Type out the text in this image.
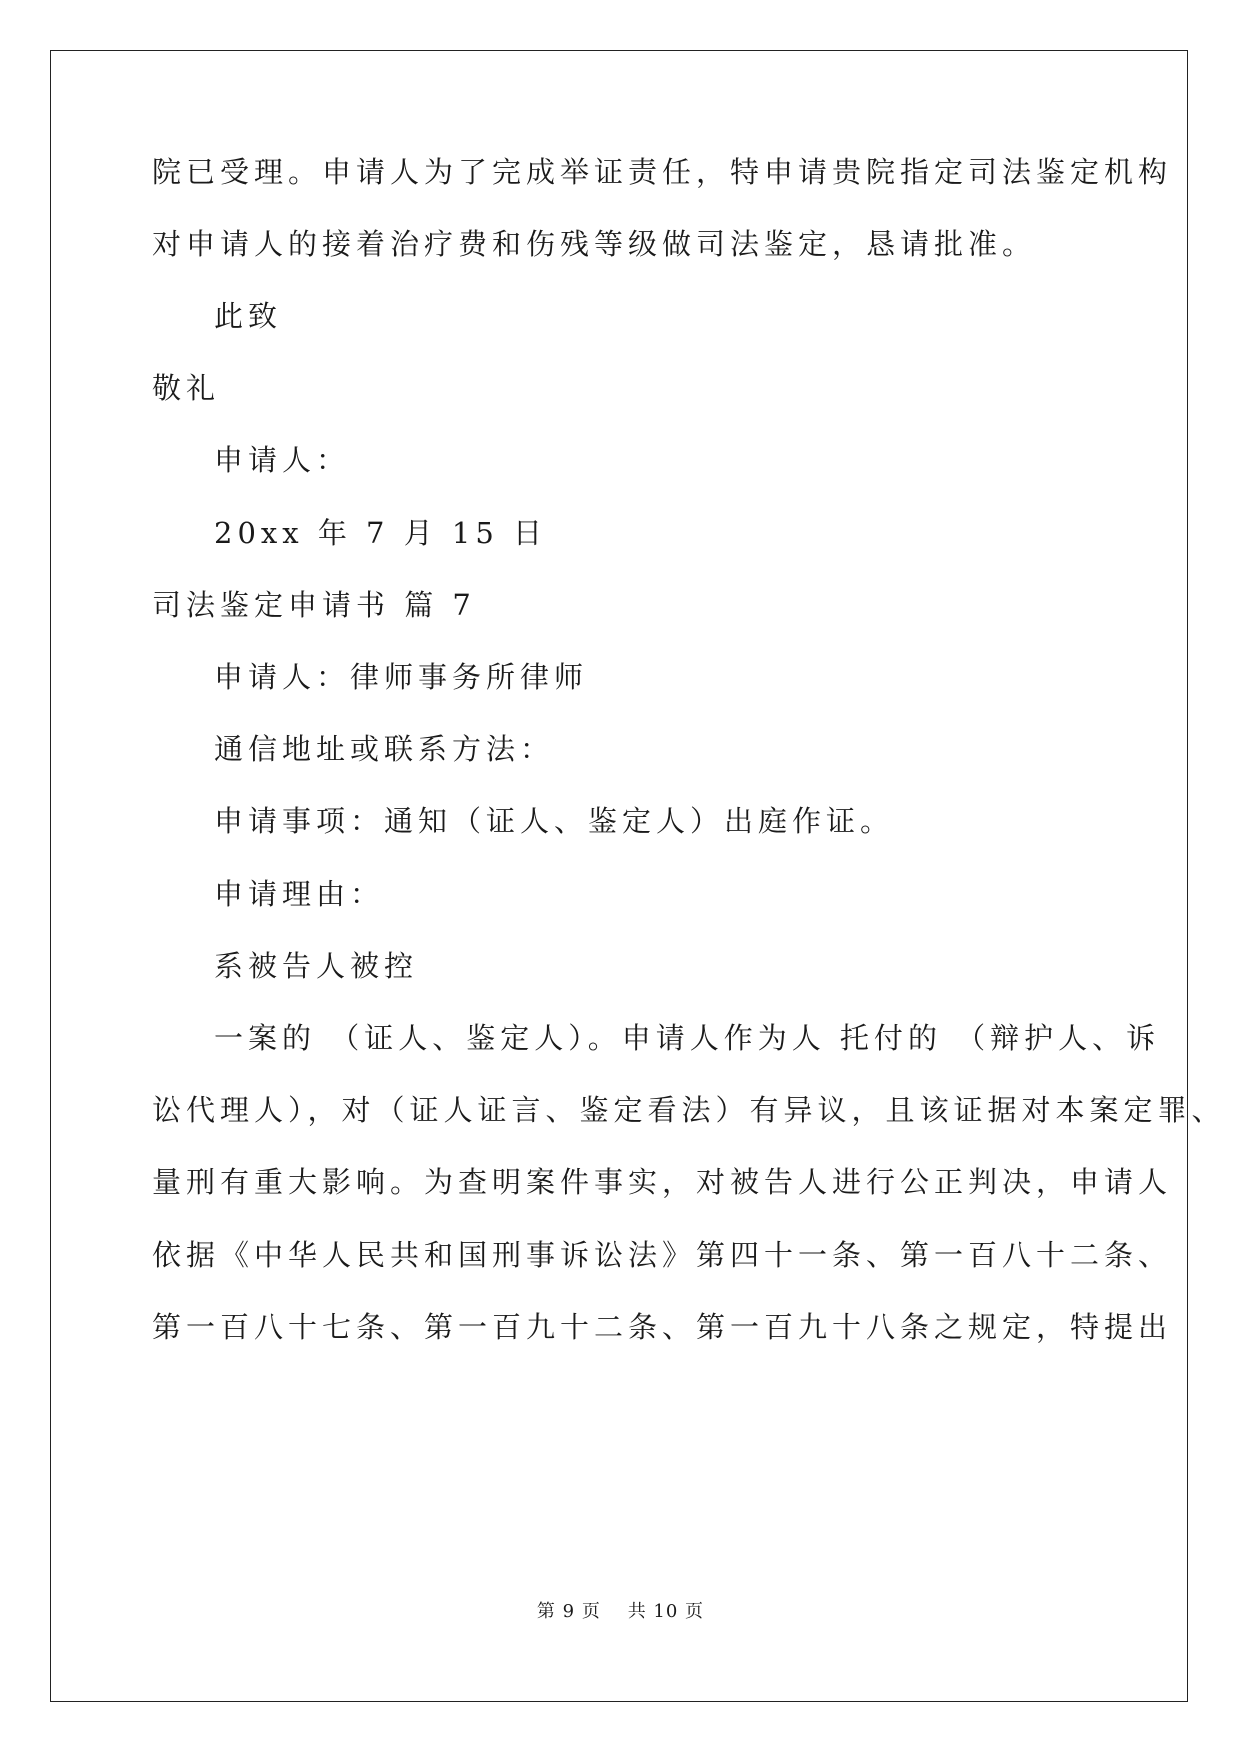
院已受理。申请人为了完成举证责任，特申请贵院指定司法鉴定机构
对申请人的接着治疗费和伤残等级做司法鉴定，恳请批准。
此致
敬礼
申请人：
20xx 年 7 月 15 日
司法鉴定申请书 篇 7
申请人：律师事务所律师
通信地址或联系方法：
申请事项：通知（证人、鉴定人）出庭作证。
申请理由：
系被告人被控
一案的 （证人、鉴定人）。申请人作为人 托付的 （辩护人、诉
讼代理人），对（证人证言、鉴定看法）有异议，且该证据对本案定罪、
量刑有重大影响。为查明案件事实，对被告人进行公正判决，申请人
依据《中华人民共和国刑事诉讼法》第四十一条、第一百八十二条、
第一百八十七条、第一百九十二条、第一百九十八条之规定，特提出
第 9 页    共 10 页
